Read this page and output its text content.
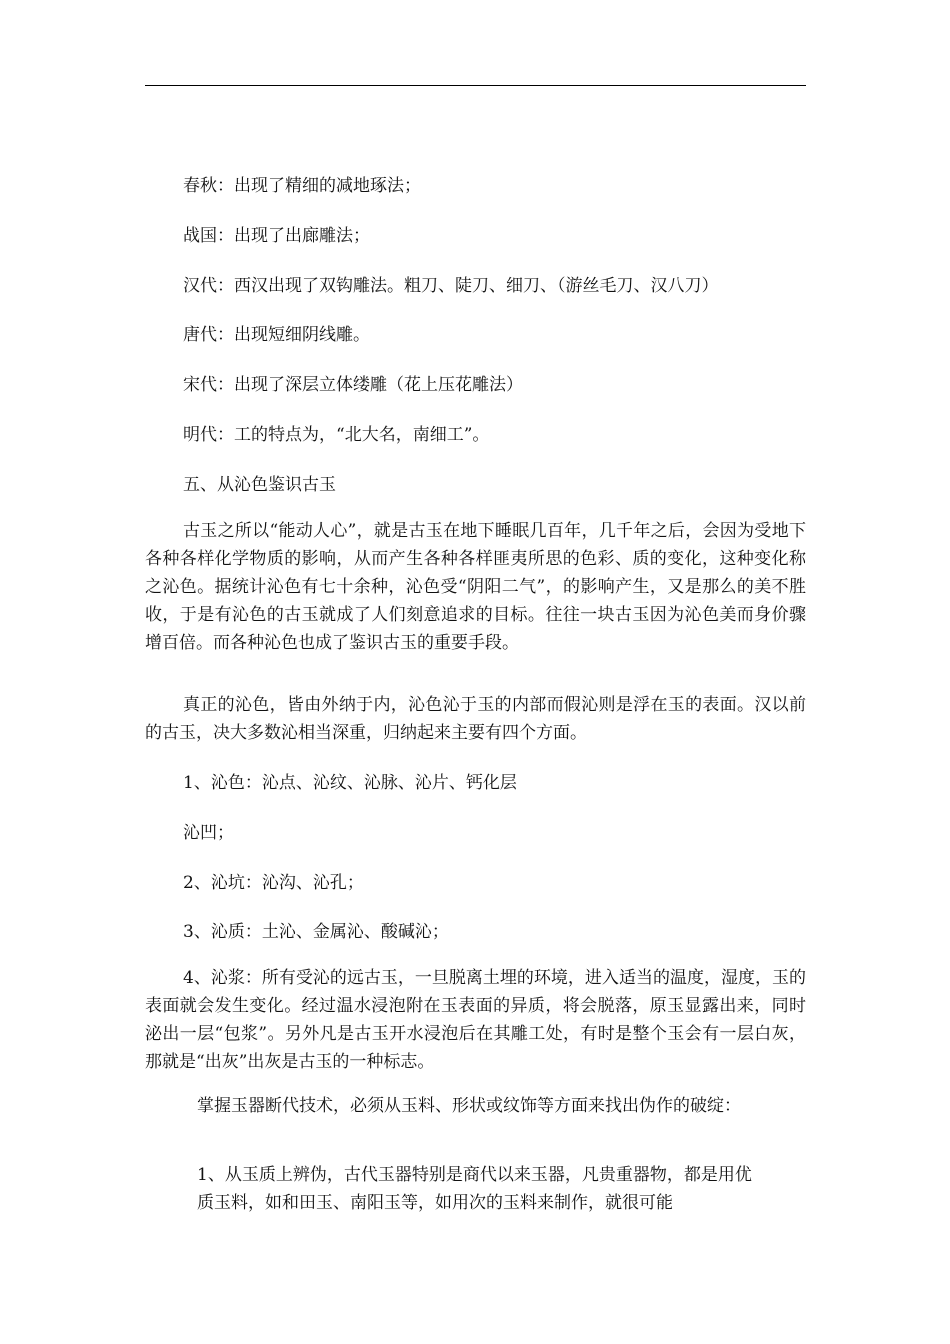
春秋：出现了精细的减地琢法；
战国：出现了出廊雕法；
汉代：西汉出现了双钩雕法。粗刀、陡刀、细刀、（游丝毛刀、汉八刀）
唐代：出现短细阴线雕。
宋代：出现了深层立体缕雕（花上压花雕法）
明代：工的特点为，“北大名，南细工”。
五、从沁色鉴识古玉
古玉之所以“能动人心”，就是古玉在地下睡眠几百年，几千年之后，会因为受地下各种各样化学物质的影响，从而产生各种各样匪夷所思的色彩、质的变化，这种变化称之沁色。据统计沁色有七十余种，沁色受“阴阳二气”，的影响产生，又是那么的美不胜收，于是有沁色的古玉就成了人们刻意追求的目标。往往一块古玉因为沁色美而身价骤增百倍。而各种沁色也成了鉴识古玉的重要手段。
真正的沁色，皆由外纳于内，沁色沁于玉的内部而假沁则是浮在玉的表面。汉以前的古玉，决大多数沁相当深重，归纳起来主要有四个方面。
1、沁色：沁点、沁纹、沁脉、沁片、钙化层
沁凹；
2、沁坑：沁沟、沁孔；
3、沁质：土沁、金属沁、酸碱沁；
4、沁浆：所有受沁的远古玉，一旦脱离土埋的环境，进入适当的温度，湿度，玉的表面就会发生变化。经过温水浸泡附在玉表面的异质，将会脱落，原玉显露出来，同时泌出一层“包浆”。另外凡是古玉开水浸泡后在其雕工处，有时是整个玉会有一层白灰，那就是“出灰”出灰是古玉的一种标志。
掌握玉器断代技术，必须从玉料、形状或纹饰等方面来找出伪作的破绽：
1、从玉质上辨伪，古代玉器特别是商代以来玉器，凡贵重器物，都是用优质玉料，如和田玉、南阳玉等，如用次的玉料来制作，就很可能
